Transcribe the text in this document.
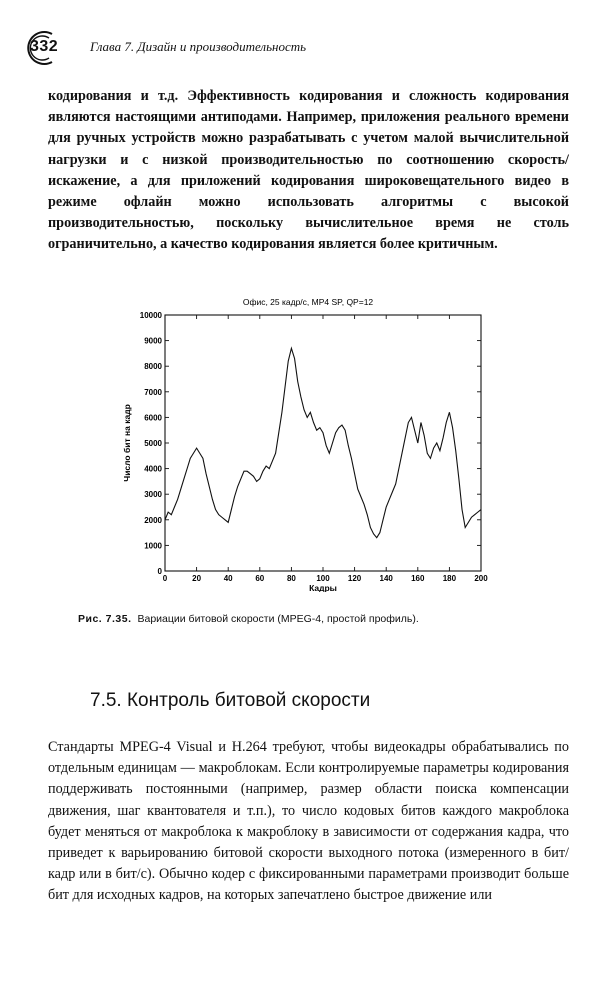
332 Глава 7. Дизайн и производительность

кодирования и т.д. Эффективность кодирования и сложность кодирования являются настоящими антиподами. Например, приложения реального времени для ручных устройств можно разрабатывать с учетом малой вычислительной нагрузки и с низкой производительностью по соотношению скорость/искажение, а для приложений кодирования широковещательного видео в режиме офлайн можно использовать алгоритмы с высокой производительностью, поскольку вычислительное время не столь ограничительно, а качество кодирования является более критичным.

Офис, 25 кадр/с, MP4 SP, QP=12
0	20	40	60	80	100 120 140 160 180 200
0
1000
2000
3000
4000
5000
6000
7000
8000
9000
10000
Кадры
Число бит на кадр
Рис. 7.35. Вариации битовой скорости (MPEG-4, простой профиль).
7.5. Контроль битовой скорости

Стандарты MPEG-4 Visual и H.264 требуют, чтобы видеокадры обрабатывались по отдельным единицам — макроблокам. Если контролируемые параметры кодирования поддерживать постоянными (например, размер области поиска компенсации движения, шаг квантователя и т.п.), то число кодовых битов каждого макроблока будет меняться от макроблока к макроблоку в зависимости от содержания кадра, что приведет к варьированию битовой скорости выходного потока (измеренного в бит/кадр или в бит/с). Обычно кодер с фиксированными параметрами производит больше бит для исходных кадров, на которых запечатлено быстрое движение или
